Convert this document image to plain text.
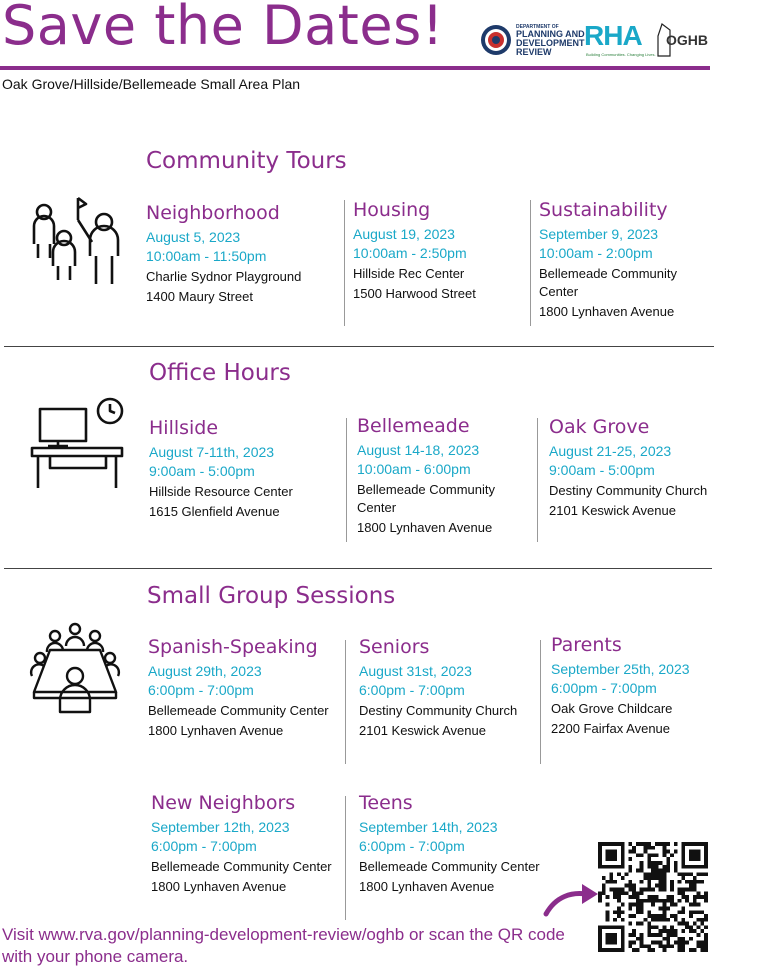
Save the Dates!	DEPARTMENT OF
PLANNING AND
DEVELOPMENT
REVIEW
RHA
Building Communities. Changing Lives.
OGHB
Oak Grove/Hillside/Bellemeade Small Area Plan
Community Tours
Neighborhood
August 5, 2023
10:00am - 11:50pm
Charlie Sydnor Playground
1400 Maury Street
Housing
August 19, 2023
10:00am - 2:50pm
Hillside Rec Center
1500 Harwood Street
Sustainability
September 9, 2023
10:00am - 2:00pm
Bellemeade Community Center
1800 Lynhaven Avenue
Office Hours
Hillside
August 7-11th, 2023
9:00am - 5:00pm
Hillside Resource Center
1615 Glenfield Avenue
Bellemeade
August 14-18, 2023
10:00am - 6:00pm
Bellemeade Community Center
1800 Lynhaven Avenue
Oak Grove
August 21-25, 2023
9:00am - 5:00pm
Destiny Community Church
2101 Keswick Avenue
Small Group Sessions
Spanish-Speaking
August 29th, 2023
6:00pm - 7:00pm
Bellemeade Community Center
1800 Lynhaven Avenue
Seniors
August 31st, 2023
6:00pm - 7:00pm
Destiny Community Church
2101 Keswick Avenue
Parents
September 25th, 2023
6:00pm - 7:00pm
Oak Grove Childcare
2200 Fairfax Avenue
New Neighbors
September 12th, 2023
6:00pm - 7:00pm
Bellemeade Community Center
1800 Lynhaven Avenue
Teens
September 14th, 2023
6:00pm - 7:00pm
Bellemeade Community Center
1800 Lynhaven Avenue
Visit www.rva.gov/planning-development-review/oghb or scan the QR code with your phone camera.
